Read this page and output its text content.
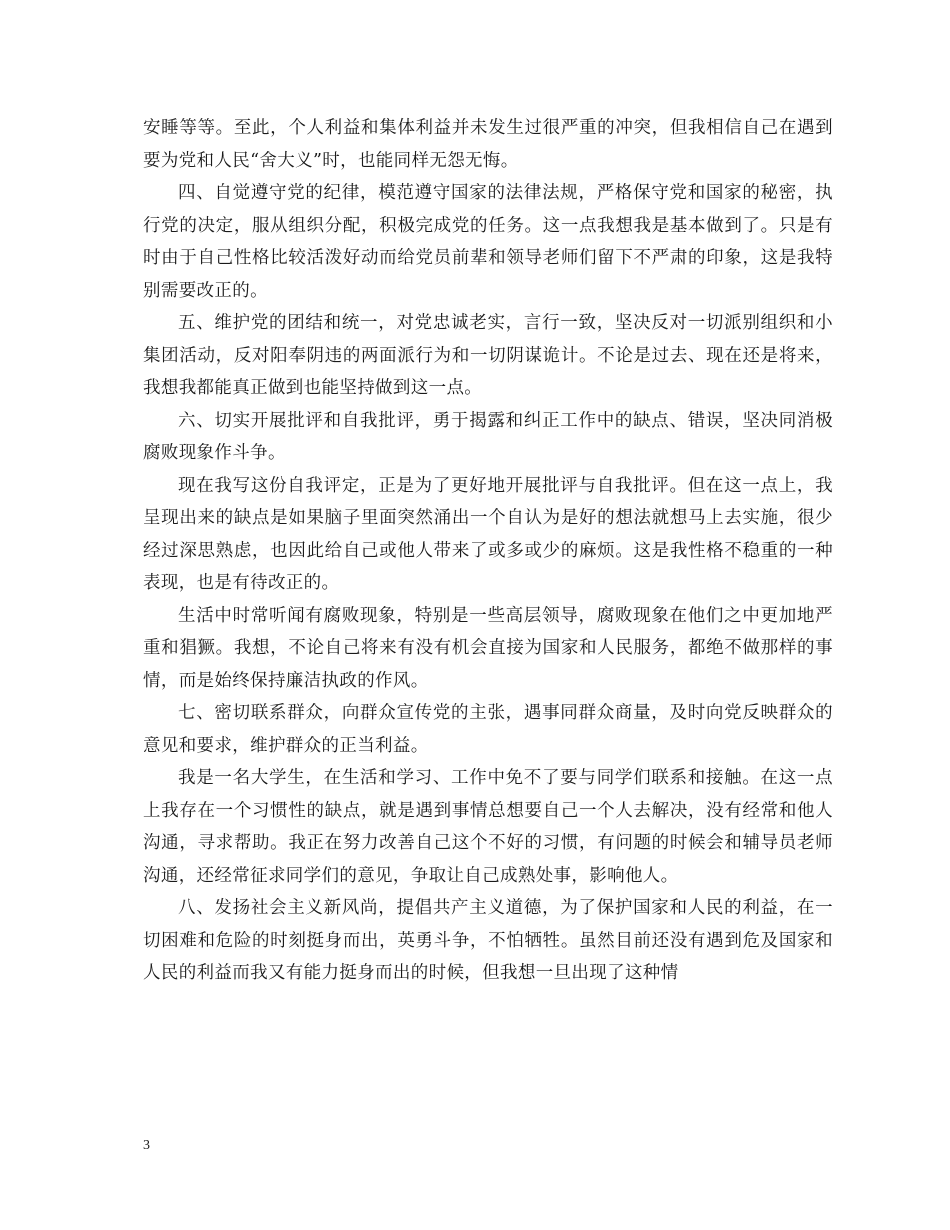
安睡等等。至此，个人利益和集体利益并未发生过很严重的冲突，但我相信自己在遇到要为党和人民“舍大义”时，也能同样无怨无悔。

四、自觉遵守党的纪律，模范遵守国家的法律法规，严格保守党和国家的秘密，执行党的决定，服从组织分配，积极完成党的任务。这一点我想我是基本做到了。只是有时由于自己性格比较活泼好动而给党员前辈和领导老师们留下不严肃的印象，这是我特别需要改正的。

五、维护党的团结和统一，对党忠诚老实，言行一致，坚决反对一切派别组织和小集团活动，反对阳奉阴违的两面派行为和一切阴谋诡计。不论是过去、现在还是将来，我想我都能真正做到也能坚持做到这一点。

六、切实开展批评和自我批评，勇于揭露和纠正工作中的缺点、错误，坚决同消极腐败现象作斗争。

现在我写这份自我评定，正是为了更好地开展批评与自我批评。但在这一点上，我呈现出来的缺点是如果脑子里面突然涌出一个自认为是好的想法就想马上去实施，很少经过深思熟虑，也因此给自己或他人带来了或多或少的麻烦。这是我性格不稳重的一种表现，也是有待改正的。

生活中时常听闻有腐败现象，特别是一些高层领导，腐败现象在他们之中更加地严重和猖獗。我想，不论自己将来有没有机会直接为国家和人民服务，都绝不做那样的事情，而是始终保持廉洁执政的作风。

七、密切联系群众，向群众宣传党的主张，遇事同群众商量，及时向党反映群众的意见和要求，维护群众的正当利益。

我是一名大学生，在生活和学习、工作中免不了要与同学们联系和接触。在这一点上我存在一个习惯性的缺点，就是遇到事情总想要自己一个人去解决，没有经常和他人沟通，寻求帮助。我正在努力改善自己这个不好的习惯，有问题的时候会和辅导员老师沟通，还经常征求同学们的意见，争取让自己成熟处事，影响他人。

八、发扬社会主义新风尚，提倡共产主义道德，为了保护国家和人民的利益，在一切困难和危险的时刻挺身而出，英勇斗争，不怕牺牲。虽然目前还没有遇到危及国家和人民的利益而我又有能力挺身而出的时候，但我想一旦出现了这种情

3
